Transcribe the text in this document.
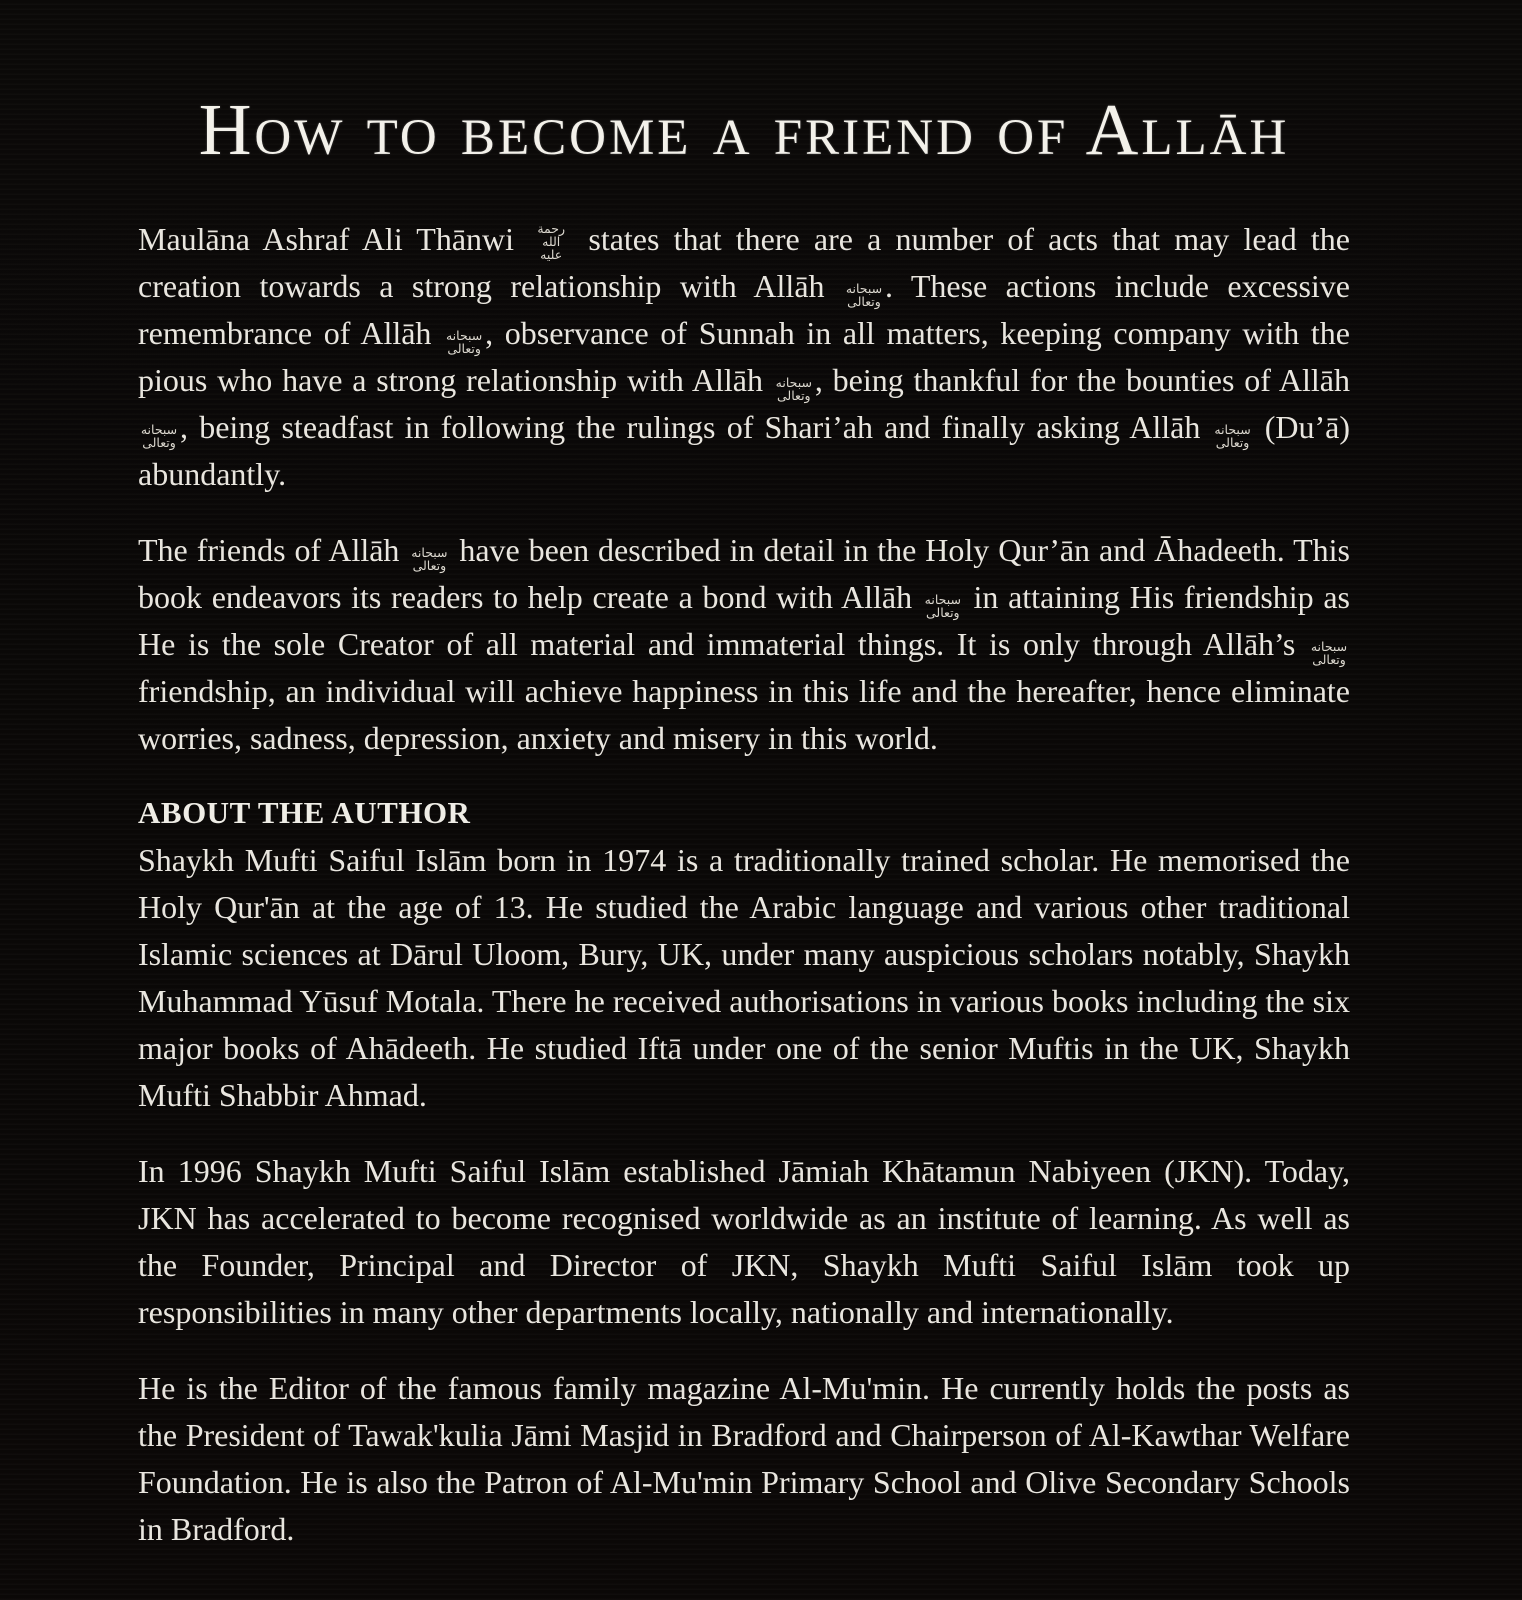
How to become a friend of Allāh

Maulāna Ashraf Ali Thānwi رحمة الله عليه states that there are a number of acts that may lead the creation towards a strong relationship with Allāh سبحانه وتعالى . These actions include excessive remembrance of Allāh سبحانه وتعالى , observance of Sunnah in all matters, keeping company with the pious who have a strong relationship with Allāh سبحانه وتعالى , being thankful for the bounties of Allāh سبحانه وتعالى , being steadfast in following the rulings of Shari’ah and finally asking Allāh سبحانه وتعالى (Du’ā) abundantly.

The friends of Allāh سبحانه وتعالى have been described in detail in the Holy Qur’ān and Āhadeeth. This book endeavors its readers to help create a bond with Allāh سبحانه وتعالى in attaining His friendship as He is the sole Creator of all material and immaterial things. It is only through Allāh’s سبحانه وتعالى friendship, an individual will achieve happiness in this life and the hereafter, hence eliminate worries, sadness, depression, anxiety and misery in this world.

ABOUT THE AUTHOR

Shaykh Mufti Saiful Islām born in 1974 is a traditionally trained scholar. He memorised the Holy Qur'ān at the age of 13. He studied the Arabic language and various other traditional Islamic sciences at Dārul Uloom, Bury, UK, under many auspicious scholars notably, Shaykh Muhammad Yūsuf Motala. There he received authorisations in various books including the six major books of Ahādeeth. He studied Iftā under one of the senior Muftis in the UK, Shaykh Mufti Shabbir Ahmad.

In 1996 Shaykh Mufti Saiful Islām established Jāmiah Khātamun Nabiyeen (JKN). Today, JKN has accelerated to become recognised worldwide as an institute of learning. As well as the Founder, Principal and Director of JKN, Shaykh Mufti Saiful Islām took up responsibilities in many other departments locally, nationally and internationally.

He is the Editor of the famous family magazine Al-Mu'min. He currently holds the posts as the President of Tawak'kulia Jāmi Masjid in Bradford and Chairperson of Al-Kawthar Welfare Foundation. He is also the Patron of Al-Mu'min Primary School and Olive Secondary Schools in Bradford.
